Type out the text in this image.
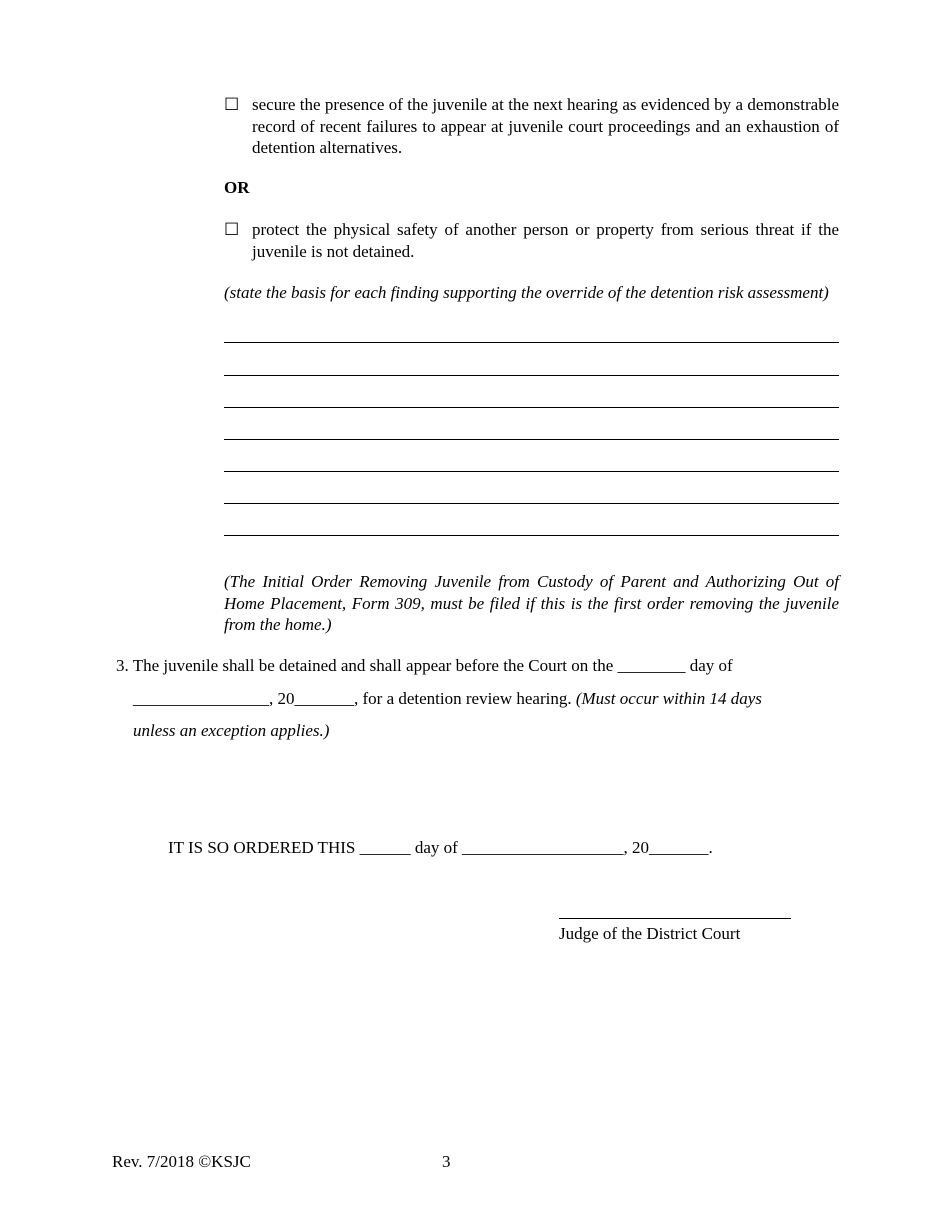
☐ secure the presence of the juvenile at the next hearing as evidenced by a demonstrable record of recent failures to appear at juvenile court proceedings and an exhaustion of detention alternatives.
OR
☐ protect the physical safety of another person or property from serious threat if the juvenile is not detained.
(state the basis for each finding supporting the override of the detention risk assessment)
(The Initial Order Removing Juvenile from Custody of Parent and Authorizing Out of Home Placement, Form 309, must be filed if this is the first order removing the juvenile from the home.)
3. The juvenile shall be detained and shall appear before the Court on the ________ day of
________________, 20_______, for a detention review hearing. (Must occur within 14 days
unless an exception applies.)
IT IS SO ORDERED THIS ______ day of ___________________, 20_______.
Judge of the District Court
Rev. 7/2018 ©KSJC	3
